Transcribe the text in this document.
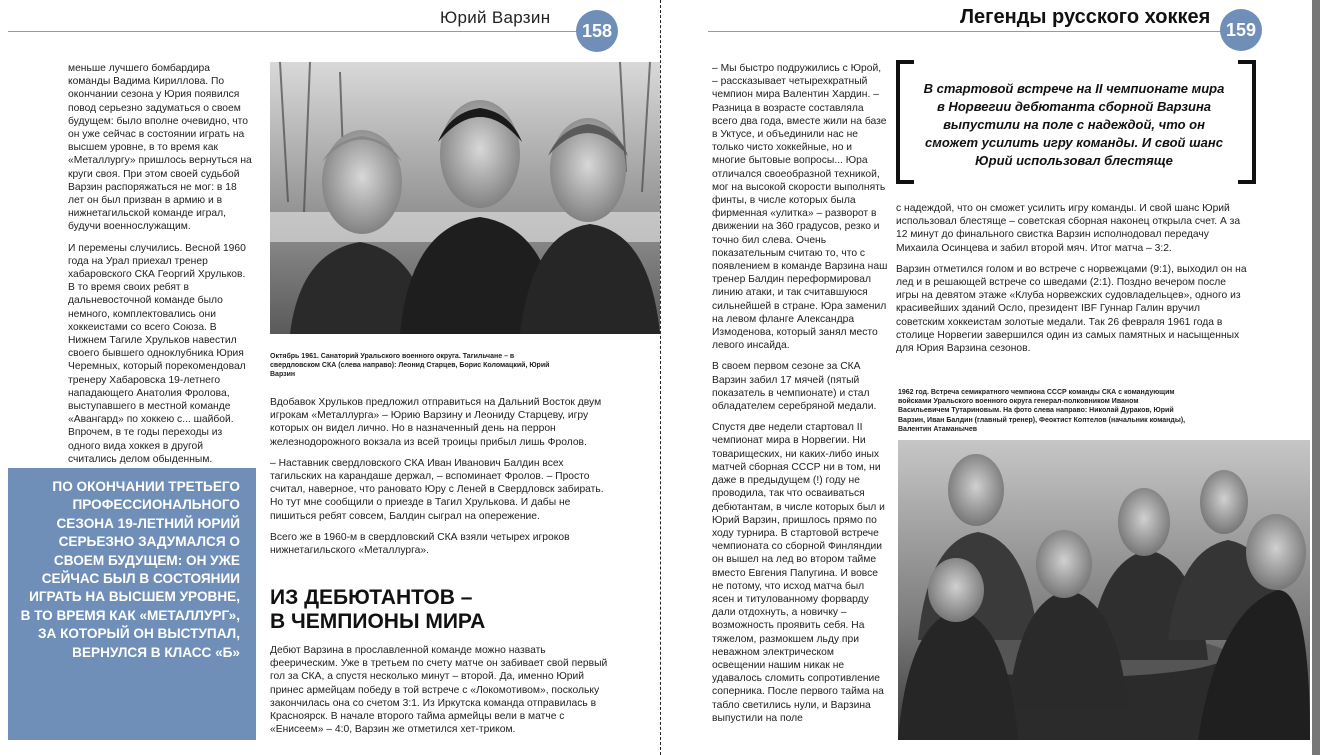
Юрий Варзин
158

меньше лучшего бомбардира команды Вадима Кириллова. По окончании сезона у Юрия появился повод серьезно задуматься о своем будущем: было вполне очевидно, что он уже сейчас в состоянии играть на высшем уровне, в то время как «Металлургу» пришлось вернуться на круги своя. При этом своей судьбой Варзин распоряжаться не мог: в 18 лет он был призван в армию и в нижнетагильской команде играл, будучи военнослужащим.

И перемены случились. Весной 1960 года на Урал приехал тренер хабаровского СКА Георгий Хрульков. В то время своих ребят в дальневосточной команде было немного, комплектовались они хоккеистами со всего Союза. В Нижнем Тагиле Хрульков навестил своего бывшего одноклубника Юрия Черемных, который порекомендовал тренеру Хабаровска 19-летнего нападающего Анатолия Фролова, выступавшего в местной команде «Авангард» по хоккею с... шайбой. Впрочем, в те годы переходы из одного вида хоккея в другой считались делом обыденным.

ПО ОКОНЧАНИИ ТРЕТЬЕГО ПРОФЕССИОНАЛЬНОГО СЕЗОНА 19-ЛЕТНИЙ ЮРИЙ СЕРЬЕЗНО ЗАДУМАЛСЯ О СВОЕМ БУДУЩЕМ: ОН УЖЕ СЕЙЧАС БЫЛ В СОСТОЯНИИ ИГРАТЬ НА ВЫСШЕМ УРОВНЕ, В ТО ВРЕМЯ КАК «МЕТАЛЛУРГ», ЗА КОТОРЫЙ ОН ВЫСТУПАЛ, ВЕРНУЛСЯ В КЛАСС «Б»
Октябрь 1961. Санаторий Уральского военного округа. Тагильчане – в свердловском СКА (слева направо): Леонид Старцев, Борис Коломацкий, Юрий Варзин

Вдобавок Хрульков предложил отправиться на Дальний Восток двум игрокам «Металлурга» – Юрию Варзину и Леониду Старцеву, игру которых он видел лично. Но в назначенный день на перрон железнодорожного вокзала из всей троицы прибыл лишь Фролов.

– Наставник свердловского СКА Иван Иванович Балдин всех тагильских на карандаше держал, – вспоминает Фролов. – Просто считал, наверное, что рановато Юру с Леней в Свердловск забирать. Но тут мне сообщили о приезде в Тагил Хрулькова. И дабы не пишиться ребят совсем, Балдин сыграл на опережение.

Всего же в 1960-м в свердловский СКА взяли четырех игроков нижнетагильского «Металлурга».

ИЗ ДЕБЮТАНТОВ –
В ЧЕМПИОНЫ МИРА

Дебют Варзина в прославленной команде можно назвать феерическим. Уже в третьем по счету матче он забивает свой первый гол за СКА, а спустя несколько минут – второй. Да, именно Юрий принес армейцам победу в той встрече с «Локомотивом», поскольку закончилась она со счетом 3:1. Из Иркутска команда отправилась в Красноярск. В начале второго тайма армейцы вели в матче с «Енисеем» – 4:0, Варзин же отметился хет-триком.

Легенды русского хоккея
159

– Мы быстро подружились с Юрой, – рассказывает четырехкратный чемпион мира Валентин Хардин. – Разница в возрасте составляла всего два года, вместе жили на базе в Уктусе, и объединили нас не только чисто хоккейные, но и многие бытовые вопросы... Юра отличался своеобразной техникой, мог на высокой скорости выполнять финты, в числе которых была фирменная «улитка» – разворот в движении на 360 градусов, резко и точно бил слева. Очень показательным считаю то, что с появлением в команде Варзина наш тренер Балдин переформировал линию атаки, и так считавшуюся сильнейшей в стране. Юра заменил на левом фланге Александра Измоденова, который занял место левого инсайда.

В своем первом сезоне за СКА Варзин забил 17 мячей (пятый показатель в чемпионате) и стал обладателем серебряной медали.

Спустя две недели стартовал II чемпионат мира в Норвегии. Ни товарищеских, ни каких-либо иных матчей сборная СССР ни в том, ни даже в предыдущем (!) году не проводила, так что осваиваться дебютантам, в числе которых был и Юрий Варзин, пришлось прямо по ходу турнира. В стартовой встрече чемпионата со сборной Финляндии он вышел на лед во втором тайме вместо Евгения Папугина. И вовсе не потому, что исход матча был ясен и титулованному форварду дали отдохнуть, а новичку – возможность проявить себя. На тяжелом, размокшем льду при неважном электрическом освещении нашим никак не удавалось сломить сопротивление соперника. После первого тайма на табло светились нули, и Варзина выпустили на поле

В стартовой встрече на II чемпионате мира в Норвегии дебютанта сборной Варзина выпустили на поле с надеждой, что он сможет усилить игру команды. И свой шанс Юрий использовал блестяще

с надеждой, что он сможет усилить игру команды. И свой шанс Юрий использовал блестяще – советская сборная наконец открыла счет. А за 12 минут до финального свистка Варзин исполнодовал передачу Михаила Осинцева и забил второй мяч. Итог матча – 3:2.

Варзин отметился голом и во встрече с норвежцами (9:1), выходил он на лед и в решающей встрече со шведами (2:1). Поздно вечером после игры на девятом этаже «Клуба норвежских судовладельцев», одного из красивейших зданий Осло, президент IBF Гуннар Галин вручил советским хоккеистам золотые медали. Так 26 февраля 1961 года в столице Норвегии завершился один из самых памятных и насыщенных для Юрия Варзина сезонов.

1962 год. Встреча семикратного чемпиона СССР команды СКА с командующим войсками Уральского военного округа генерал-полковником Иваном Васильевичем Тутариновым. На фото слева направо: Николай Дураков, Юрий Варзин, Иван Балдин (главный тренер), Феоктист Коптелов (начальник команды), Валентин Атаманычев
